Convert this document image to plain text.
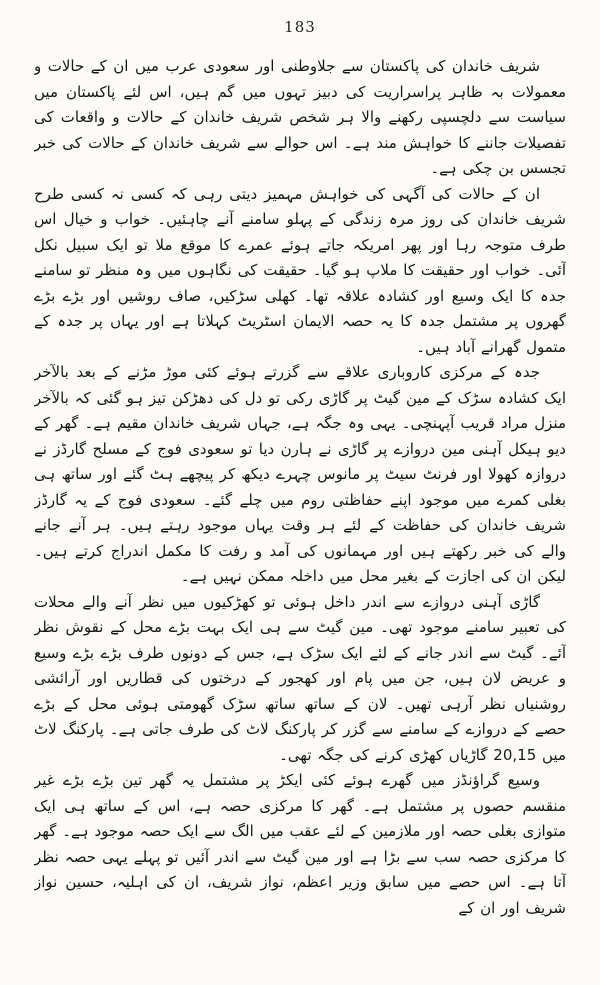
183

شریف خاندان کی پاکستان سے جلاوطنی اور سعودی عرب میں ان کے حالات و معمولات بہ ظاہر پراسراریت کی دبیز تہوں میں گم ہیں، اس لئے پاکستان میں سیاست سے دلچسپی رکھنے والا ہر شخص شریف خاندان کے حالات و واقعات کی تفصیلات جاننے کا خواہش مند ہے۔ اس حوالے سے شریف خاندان کے حالات کی خبر تجسس بن چکی ہے۔

ان کے حالات کی آگہی کی خواہش مہمیز دیتی رہی کہ کسی نہ کسی طرح شریف خاندان کی روز مرہ زندگی کے پہلو سامنے آنے چاہئیں۔ خواب و خیال اس طرف متوجہ رہا اور پھر امریکہ جاتے ہوئے عمرے کا موقع ملا تو ایک سبیل نکل آئی۔ خواب اور حقیقت کا ملاپ ہو گیا۔ حقیقت کی نگاہوں میں وہ منظر تو سامنے جدہ کا ایک وسیع اور کشادہ علاقہ تھا۔ کھلی سڑکیں، صاف روشیں اور بڑے بڑے گھروں پر مشتمل جدہ کا یہ حصہ الایمان اسٹریٹ کہلاتا ہے اور یہاں پر جدہ کے متمول گھرانے آباد ہیں۔

جدہ کے مرکزی کاروباری علاقے سے گزرتے ہوئے کئی موڑ مڑنے کے بعد بالآخر ایک کشادہ سڑک کے مین گیٹ پر گاڑی رکی تو دل کی دھڑکن تیز ہو گئی کہ بالآخر منزل مراد قریب آپہنچی۔ یہی وہ جگہ ہے، جہاں شریف خاندان مقیم ہے۔ گھر کے دیو ہیکل آہنی مین دروازے پر گاڑی نے ہارن دیا تو سعودی فوج کے مسلح گارڈز نے دروازہ کھولا اور فرنٹ سیٹ پر مانوس چہرے دیکھ کر پیچھے ہٹ گئے اور ساتھ ہی بغلی کمرے میں موجود اپنے حفاظتی روم میں چلے گئے۔ سعودی فوج کے یہ گارڈز شریف خاندان کی حفاظت کے لئے ہر وقت یہاں موجود رہتے ہیں۔ ہر آنے جانے والے کی خبر رکھتے ہیں اور مہمانوں کی آمد و رفت کا مکمل اندراج کرتے ہیں۔ لیکن ان کی اجازت کے بغیر محل میں داخلہ ممکن نہیں ہے۔

گاڑی آہنی دروازے سے اندر داخل ہوئی تو کھڑکیوں میں نظر آنے والے محلات کی تعبیر سامنے موجود تھی۔ مین گیٹ سے ہی ایک بہت بڑے محل کے نقوش نظر آئے۔ گیٹ سے اندر جانے کے لئے ایک سڑک ہے، جس کے دونوں طرف بڑے بڑے وسیع و عریض لان ہیں، جن میں پام اور کھجور کے درختوں کی قطاریں اور آرائشی روشنیاں نظر آرہی تھیں۔ لان کے ساتھ ساتھ سڑک گھومتی ہوئی محل کے بڑے حصے کے دروازے کے سامنے سے گزر کر پارکنگ لاٹ کی طرف جاتی ہے۔ پارکنگ لاٹ میں 20,15 گاڑیاں کھڑی کرنے کی جگہ تھی۔

وسیع گراؤنڈز میں گھرے ہوئے کئی ایکڑ پر مشتمل یہ گھر تین بڑے بڑے غیر منقسم حصوں پر مشتمل ہے۔ گھر کا مرکزی حصہ ہے، اس کے ساتھ ہی ایک متوازی بغلی حصہ اور ملازمین کے لئے عقب میں الگ سے ایک حصہ موجود ہے۔ گھر کا مرکزی حصہ سب سے بڑا ہے اور مین گیٹ سے اندر آئیں تو پہلے یہی حصہ نظر آتا ہے۔ اس حصے میں سابق وزیر اعظم، نواز شریف، ان کی اہلیہ، حسین نواز شریف اور ان کے
